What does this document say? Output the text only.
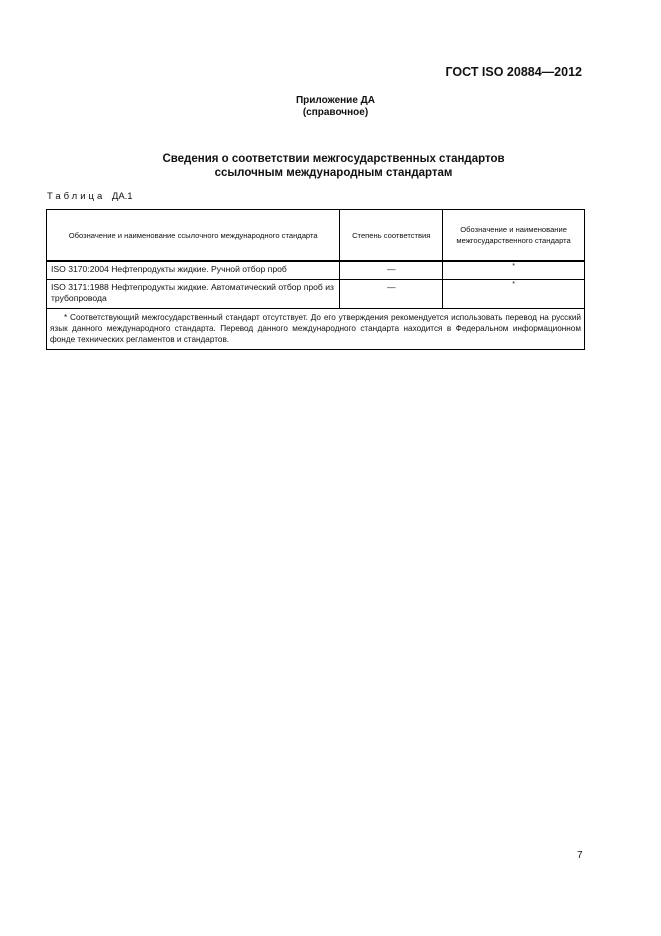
ГОСТ ISO 20884—2012
Приложение ДА
(справочное)
Сведения о соответствии межгосударственных стандартов
ссылочным международным стандартам
Таблица ДА.1
Обозначение и наименование ссылочного международного стандарта	Степень соответствия	Обозначение и наименование межгосударственного стандарта
ISO 3170:2004 Нефтепродукты жидкие. Ручной отбор проб	—	*
ISO 3171:1988 Нефтепродукты жидкие. Автоматический отбор проб из трубопровода	—	*
* Соответствующий межгосударственный стандарт отсутствует. До его утверждения рекомендуется использовать перевод на русский язык данного международного стандарта. Перевод данного международного стандарта находится в Федеральном информационном фонде технических регламентов и стандартов.		
7
